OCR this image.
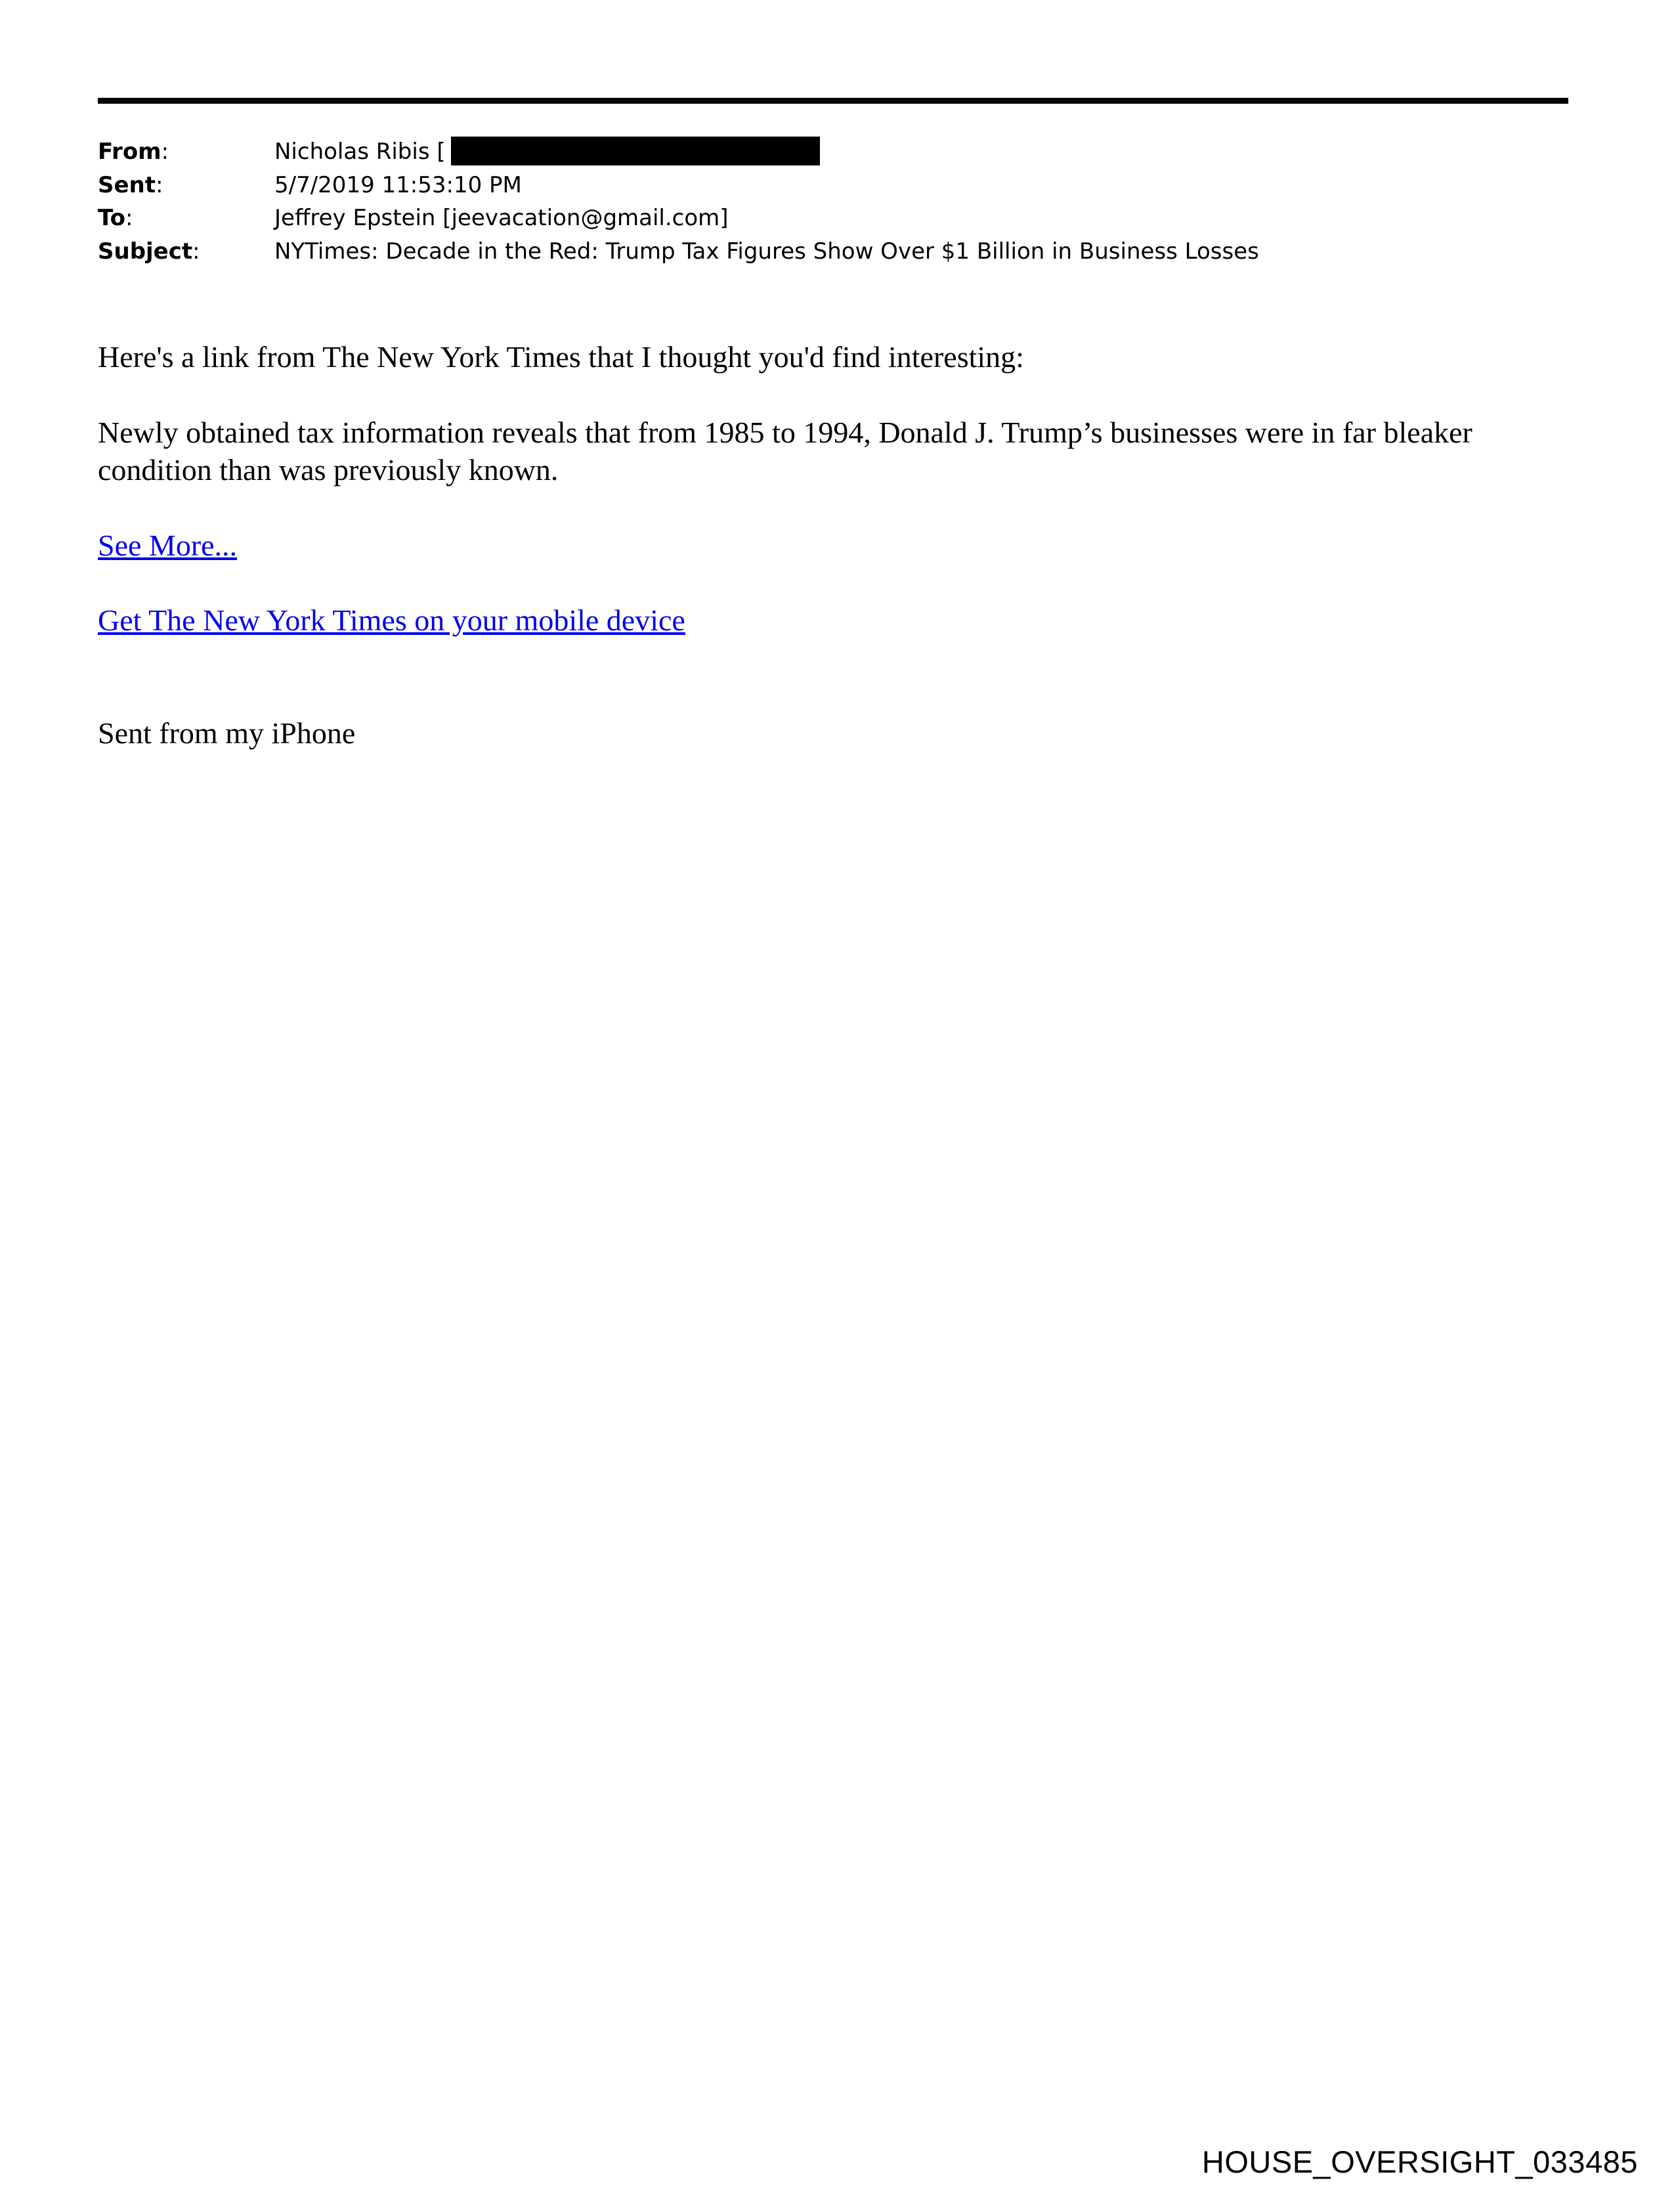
From:	Nicholas Ribis [
Sent:	5/7/2019 11:53:10 PM
To:	Jeffrey Epstein [jeevacation@gmail.com]
Subject:	NYTimes: Decade in the Red: Trump Tax Figures Show Over $1 Billion in Business Losses

Here's a link from The New York Times that I thought you'd find interesting:

Newly obtained tax information reveals that from 1985 to 1994, Donald J. Trump’s businesses were in far bleaker condition than was previously known.

See More...
Get The New York Times on your mobile device

Sent from my iPhone

HOUSE_OVERSIGHT_033485
